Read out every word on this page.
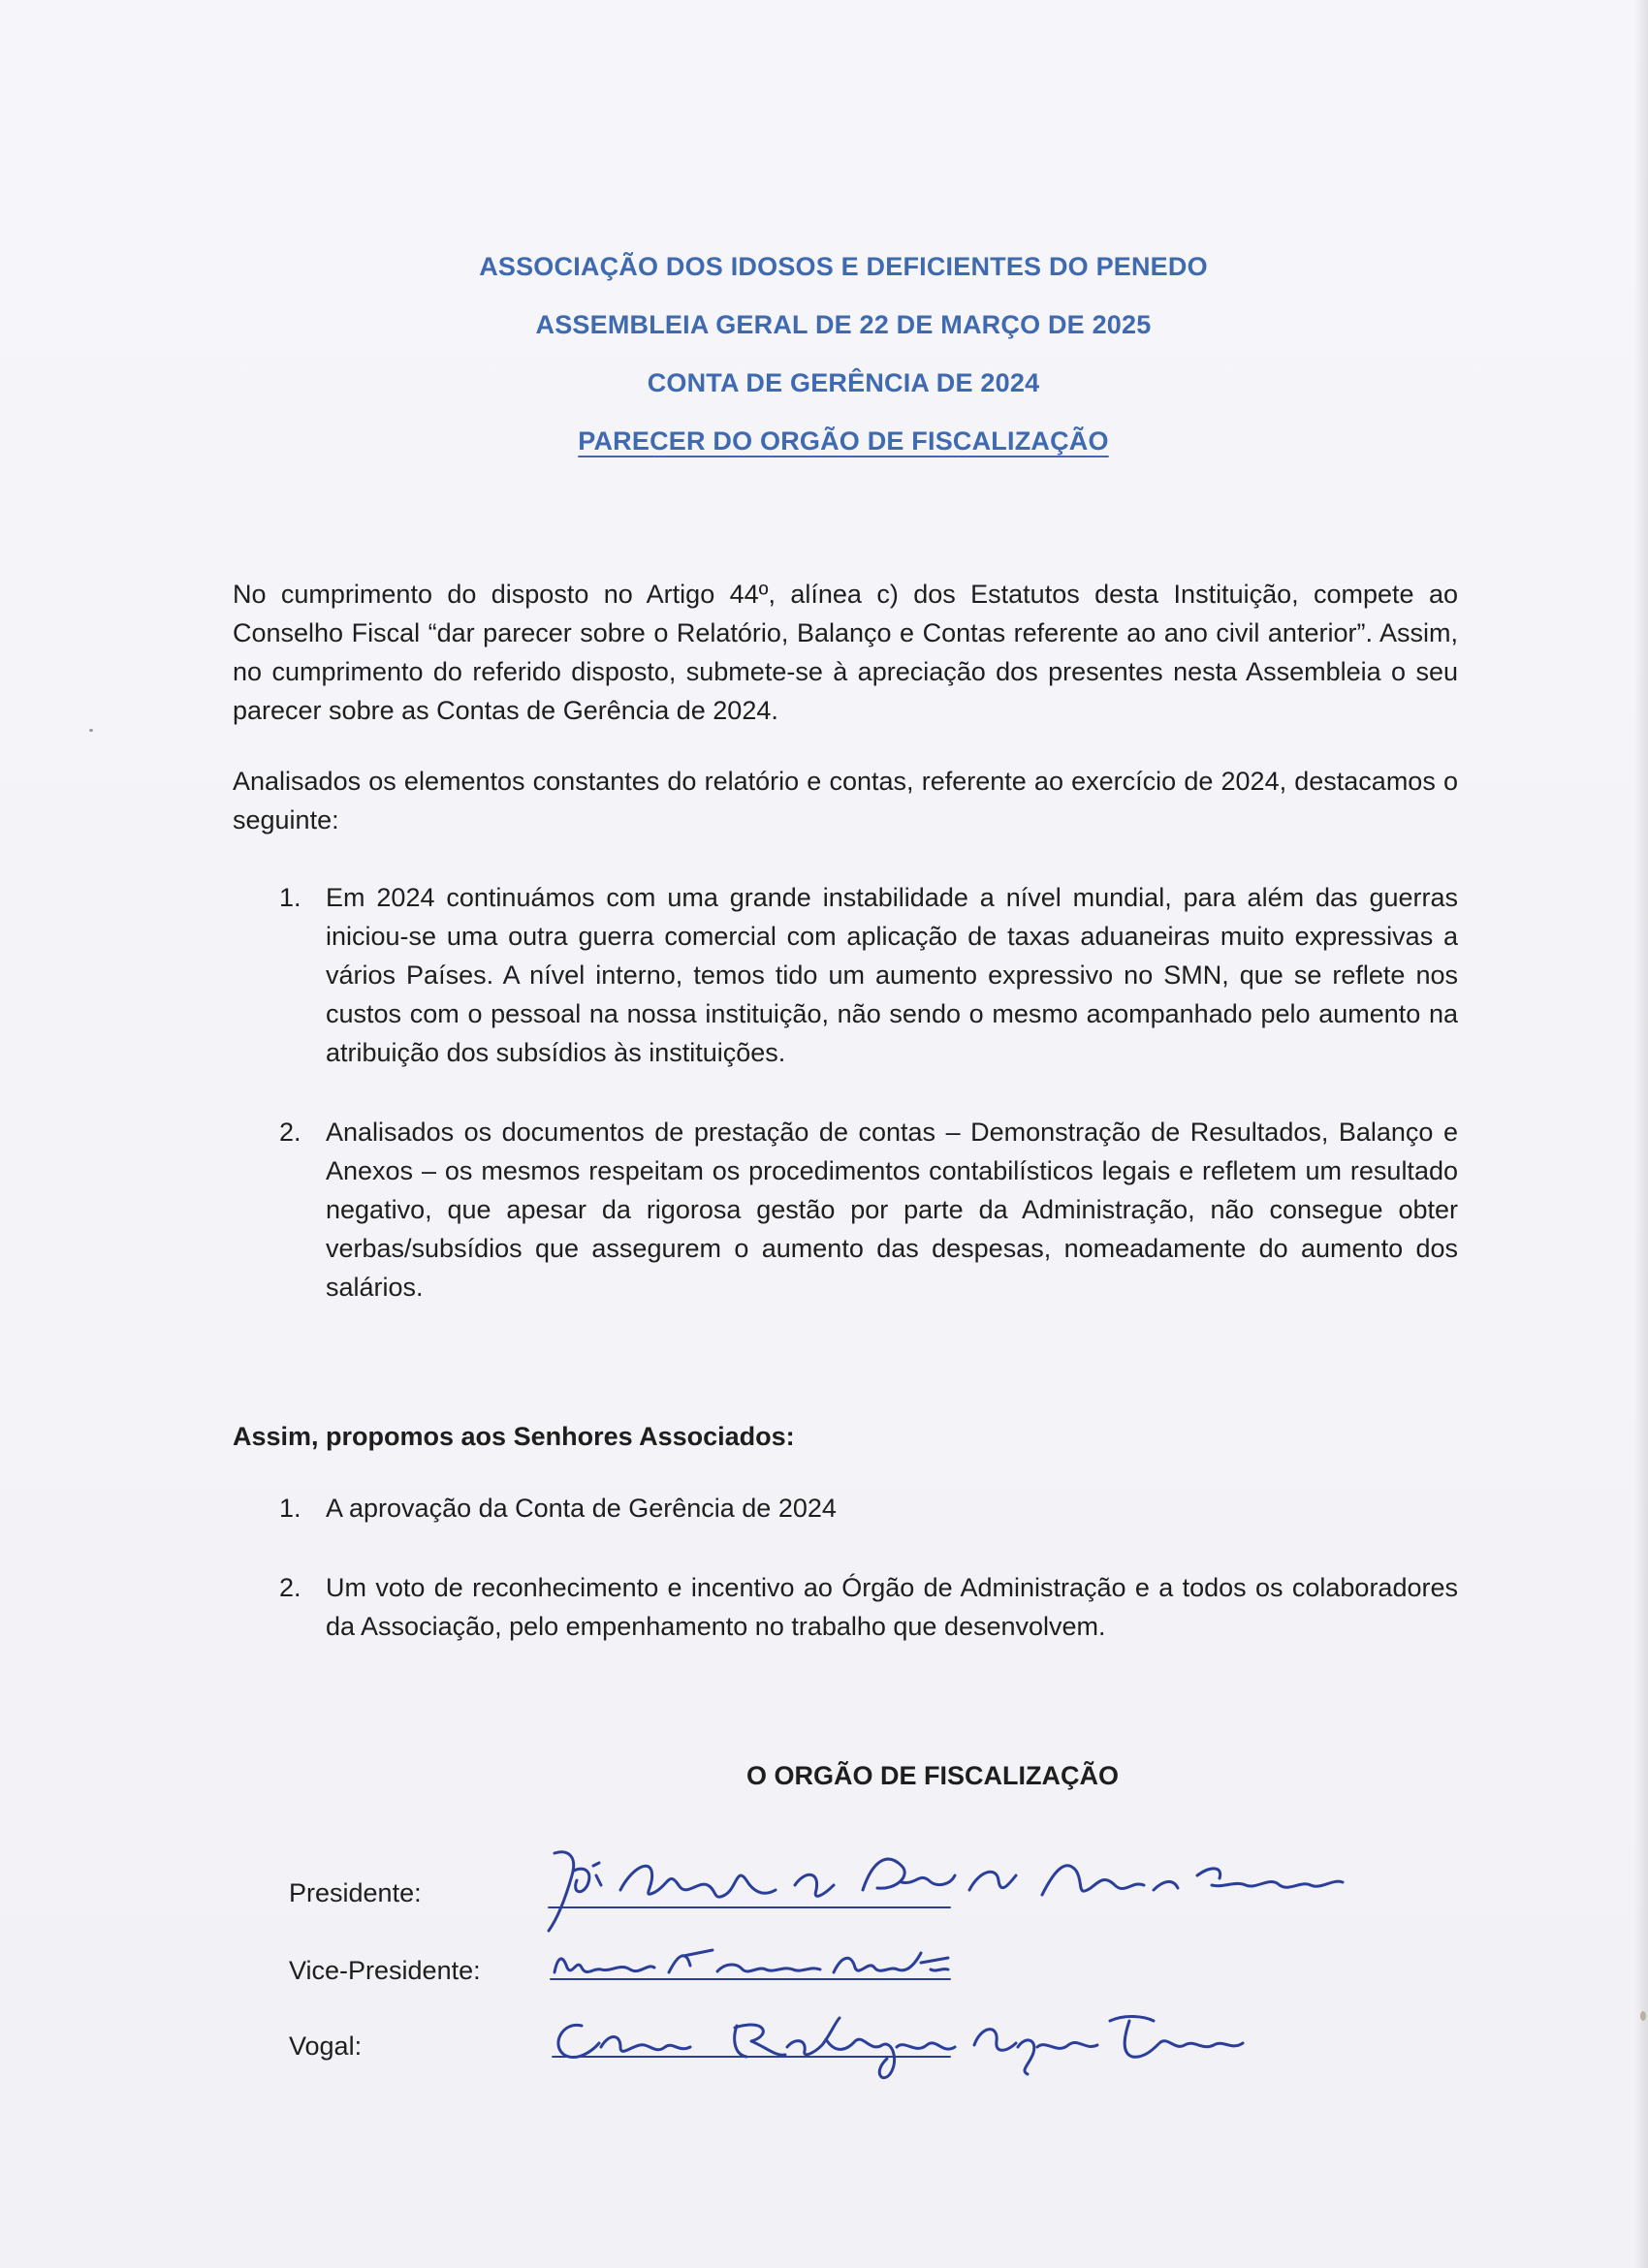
ASSOCIAÇÃO DOS IDOSOS E DEFICIENTES DO PENEDO
ASSEMBLEIA GERAL DE 22 DE MARÇO DE 2025
CONTA DE GERÊNCIA DE 2024
PARECER DO ORGÃO DE FISCALIZAÇÃO
No cumprimento do disposto no Artigo 44º, alínea c) dos Estatutos desta Instituição, compete ao Conselho Fiscal “dar parecer sobre o Relatório, Balanço e Contas referente ao ano civil anterior”. Assim, no cumprimento do referido disposto, submete-se à apreciação dos presentes nesta Assembleia o seu parecer sobre as Contas de Gerência de 2024.
Analisados os elementos constantes do relatório e contas, referente ao exercício de 2024, destacamos o seguinte:
1. Em 2024 continuámos com uma grande instabilidade a nível mundial, para além das guerras iniciou-se uma outra guerra comercial com aplicação de taxas aduaneiras muito expressivas a vários Países. A nível interno, temos tido um aumento expressivo no SMN, que se reflete nos custos com o pessoal na nossa instituição, não sendo o mesmo acompanhado pelo aumento na atribuição dos subsídios às instituições.
2. Analisados os documentos de prestação de contas – Demonstração de Resultados, Balanço e Anexos – os mesmos respeitam os procedimentos contabilísticos legais e refletem um resultado negativo, que apesar da rigorosa gestão por parte da Administração, não consegue obter verbas/subsídios que assegurem o aumento das despesas, nomeadamente do aumento dos salários.
Assim, propomos aos Senhores Associados:
1. A aprovação da Conta de Gerência de 2024
2. Um voto de reconhecimento e incentivo ao Órgão de Administração e a todos os colaboradores da Associação, pelo empenhamento no trabalho que desenvolvem.
O ORGÃO DE FISCALIZAÇÃO
Presidente:
Vice-Presidente:
Vogal:
